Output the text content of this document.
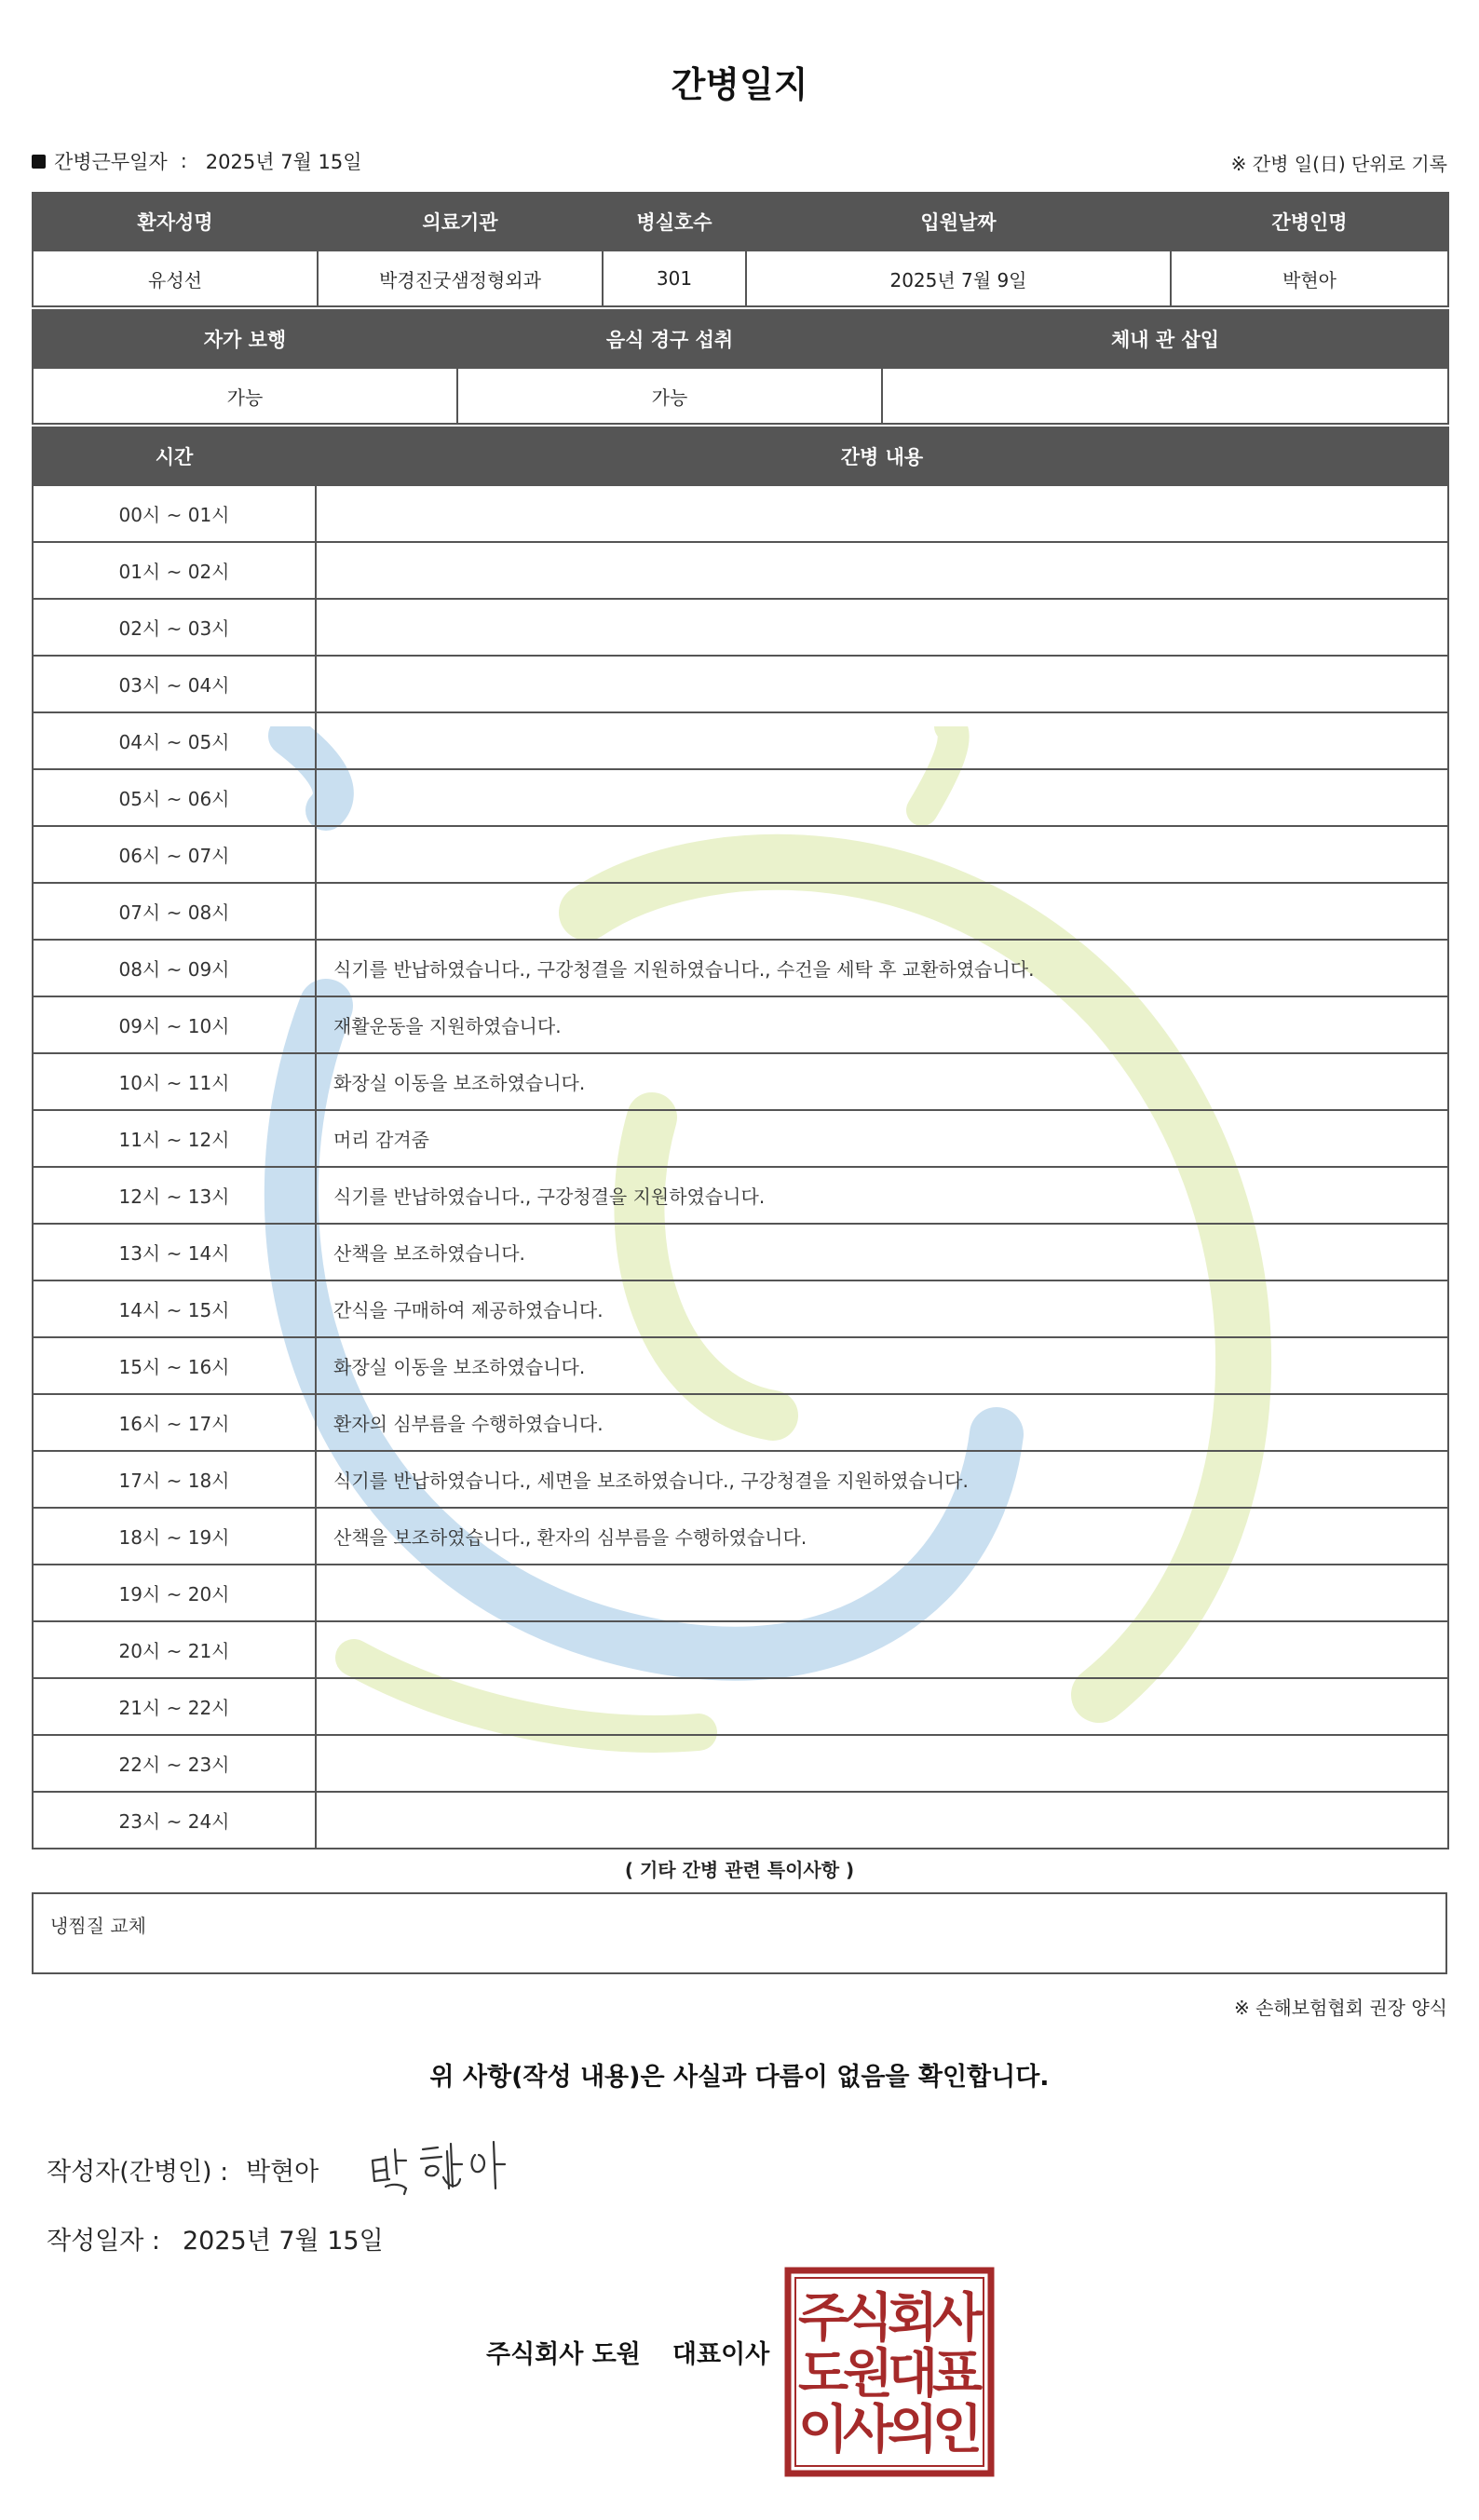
간병일지
간병근무일자 : 2025년 7월 15일	※ 간병 일(日) 단위로 기록
환자성명	의료기관	병실호수	입원날짜	간병인명
유성선	박경진굿샘정형외과	301	2025년 7월 9일	박현아
자가 보행	음식 경구 섭취	체내 관 삽입
가능	가능	
시간	간병 내용
00시 ~ 01시	
01시 ~ 02시	
02시 ~ 03시	
03시 ~ 04시	
04시 ~ 05시	
05시 ~ 06시	
06시 ~ 07시	
07시 ~ 08시	
08시 ~ 09시	식기를 반납하였습니다., 구강청결을 지원하였습니다., 수건을 세탁 후 교환하였습니다.
09시 ~ 10시	재활운동을 지원하였습니다.
10시 ~ 11시	화장실 이동을 보조하였습니다.
11시 ~ 12시	머리 감겨줌
12시 ~ 13시	식기를 반납하였습니다., 구강청결을 지원하였습니다.
13시 ~ 14시	산책을 보조하였습니다.
14시 ~ 15시	간식을 구매하여 제공하였습니다.
15시 ~ 16시	화장실 이동을 보조하였습니다.
16시 ~ 17시	환자의 심부름을 수행하였습니다.
17시 ~ 18시	식기를 반납하였습니다., 세면을 보조하였습니다., 구강청결을 지원하였습니다.
18시 ~ 19시	산책을 보조하였습니다., 환자의 심부름을 수행하였습니다.
19시 ~ 20시	
20시 ~ 21시	
21시 ~ 22시	
22시 ~ 23시	
23시 ~ 24시	
( 기타 간병 관련 특이사항 )
냉찜질 교체
※ 손해보험협회 권장 양식
위 사항(작성 내용)은 사실과 다름이 없음을 확인합니다.
작성자(간병인) : 박현아
작성일자 : 2025년 7월 15일
주식회사 도원 대표이사
주
식
회
사
도
원
대
표
이
사
의
인
